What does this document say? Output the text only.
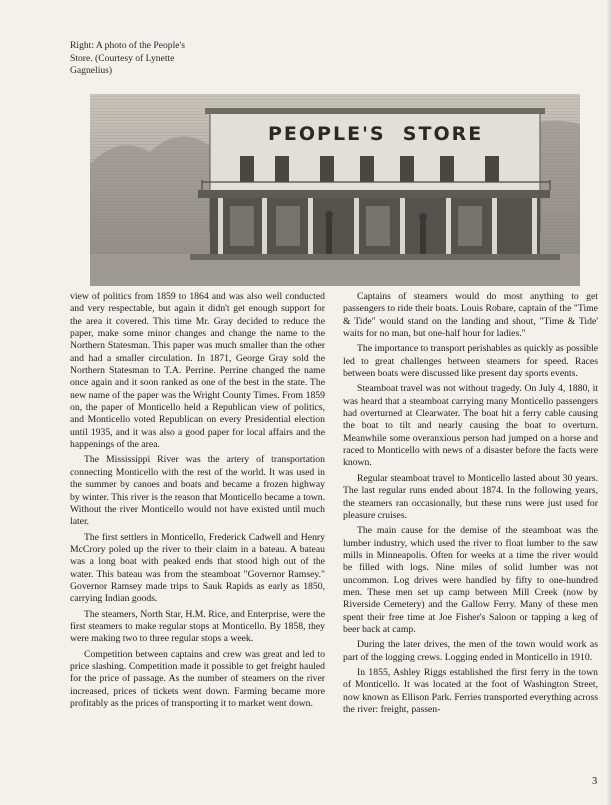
Right: A photo of the People's
Store. (Courtesy of Lynette
Gagnelius)
PEOPLE'S  STORE

view of politics from 1859 to 1864 and was also well conducted and very respectable, but again it didn't get enough support for the area it covered. This time Mr. Gray decided to reduce the paper, make some minor changes and change the name to the Northern Statesman. This paper was much smaller than the other and had a smaller circulation. In 1871, George Gray sold the Northern Statesman to T.A. Perrine. Perrine changed the name once again and it soon ranked as one of the best in the state. The new name of the paper was the Wright County Times. From 1859 on, the paper of Monticello held a Republican view of politics, and Monticello voted Republican on every Presidential election until 1935, and it was also a good paper for local affairs and the happenings of the area.

The Mississippi River was the artery of transportation connecting Monticello with the rest of the world. It was used in the summer by canoes and boats and became a frozen highway by winter. This river is the reason that Monticello became a town. Without the river Monticello would not have existed until much later.

The first settlers in Monticello, Frederick Cadwell and Henry McCrory poled up the river to their claim in a bateau. A bateau was a long boat with peaked ends that stood high out of the water. This bateau was from the steamboat "Governor Ramsey." Governor Ramsey made trips to Sauk Rapids as early as 1850, carrying Indian goods.

The steamers, North Star, H.M. Rice, and Enterprise, were the first steamers to make regular stops at Monticello. By 1858, they were making two to three regular stops a week.

Competition between captains and crew was great and led to price slashing. Competition made it possible to get freight hauled for the price of passage. As the number of steamers on the river increased, prices of tickets went down. Farming became more profitably as the prices of transporting it to market went down.

Captains of steamers would do most anything to get passengers to ride their boats. Louis Robare, captain of the "Time & Tide" would stand on the landing and shout, "Time & Tide' waits for no man, but one-half hour for ladies."

The importance to transport perishables as quickly as possible led to great challenges between steamers for speed. Races between boats were discussed like present day sports events.

Steamboat travel was not without tragedy. On July 4, 1880, it was heard that a steamboat carrying many Monticello passengers had overturned at Clearwater. The boat hit a ferry cable causing the boat to tilt and nearly causing the boat to overturn. Meanwhile some overanxious person had jumped on a horse and raced to Monticello with news of a disaster before the facts were known.

Regular steamboat travel to Monticello lasted about 30 years. The last regular runs ended about 1874. In the following years, the steamers ran occasionally, but these runs were just used for pleasure cruises.

The main cause for the demise of the steamboat was the lumber industry, which used the river to float lumber to the saw mills in Minneapolis. Often for weeks at a time the river would be filled with logs. Nine miles of solid lumber was not uncommon. Log drives were handled by fifty to one-hundred men. These men set up camp between Mill Creek (now by Riverside Cemetery) and the Gallow Ferry. Many of these men spent their free time at Joe Fisher's Saloon or tapping a keg of beer back at camp.

During the later drives, the men of the town would work as part of the logging crews. Logging ended in Monticello in 1910.

In 1855, Ashley Riggs established the first ferry in the town of Monticello. It was located at the foot of Washington Street, now known as Ellison Park. Ferries transported everything across the river: freight, passen-

3
